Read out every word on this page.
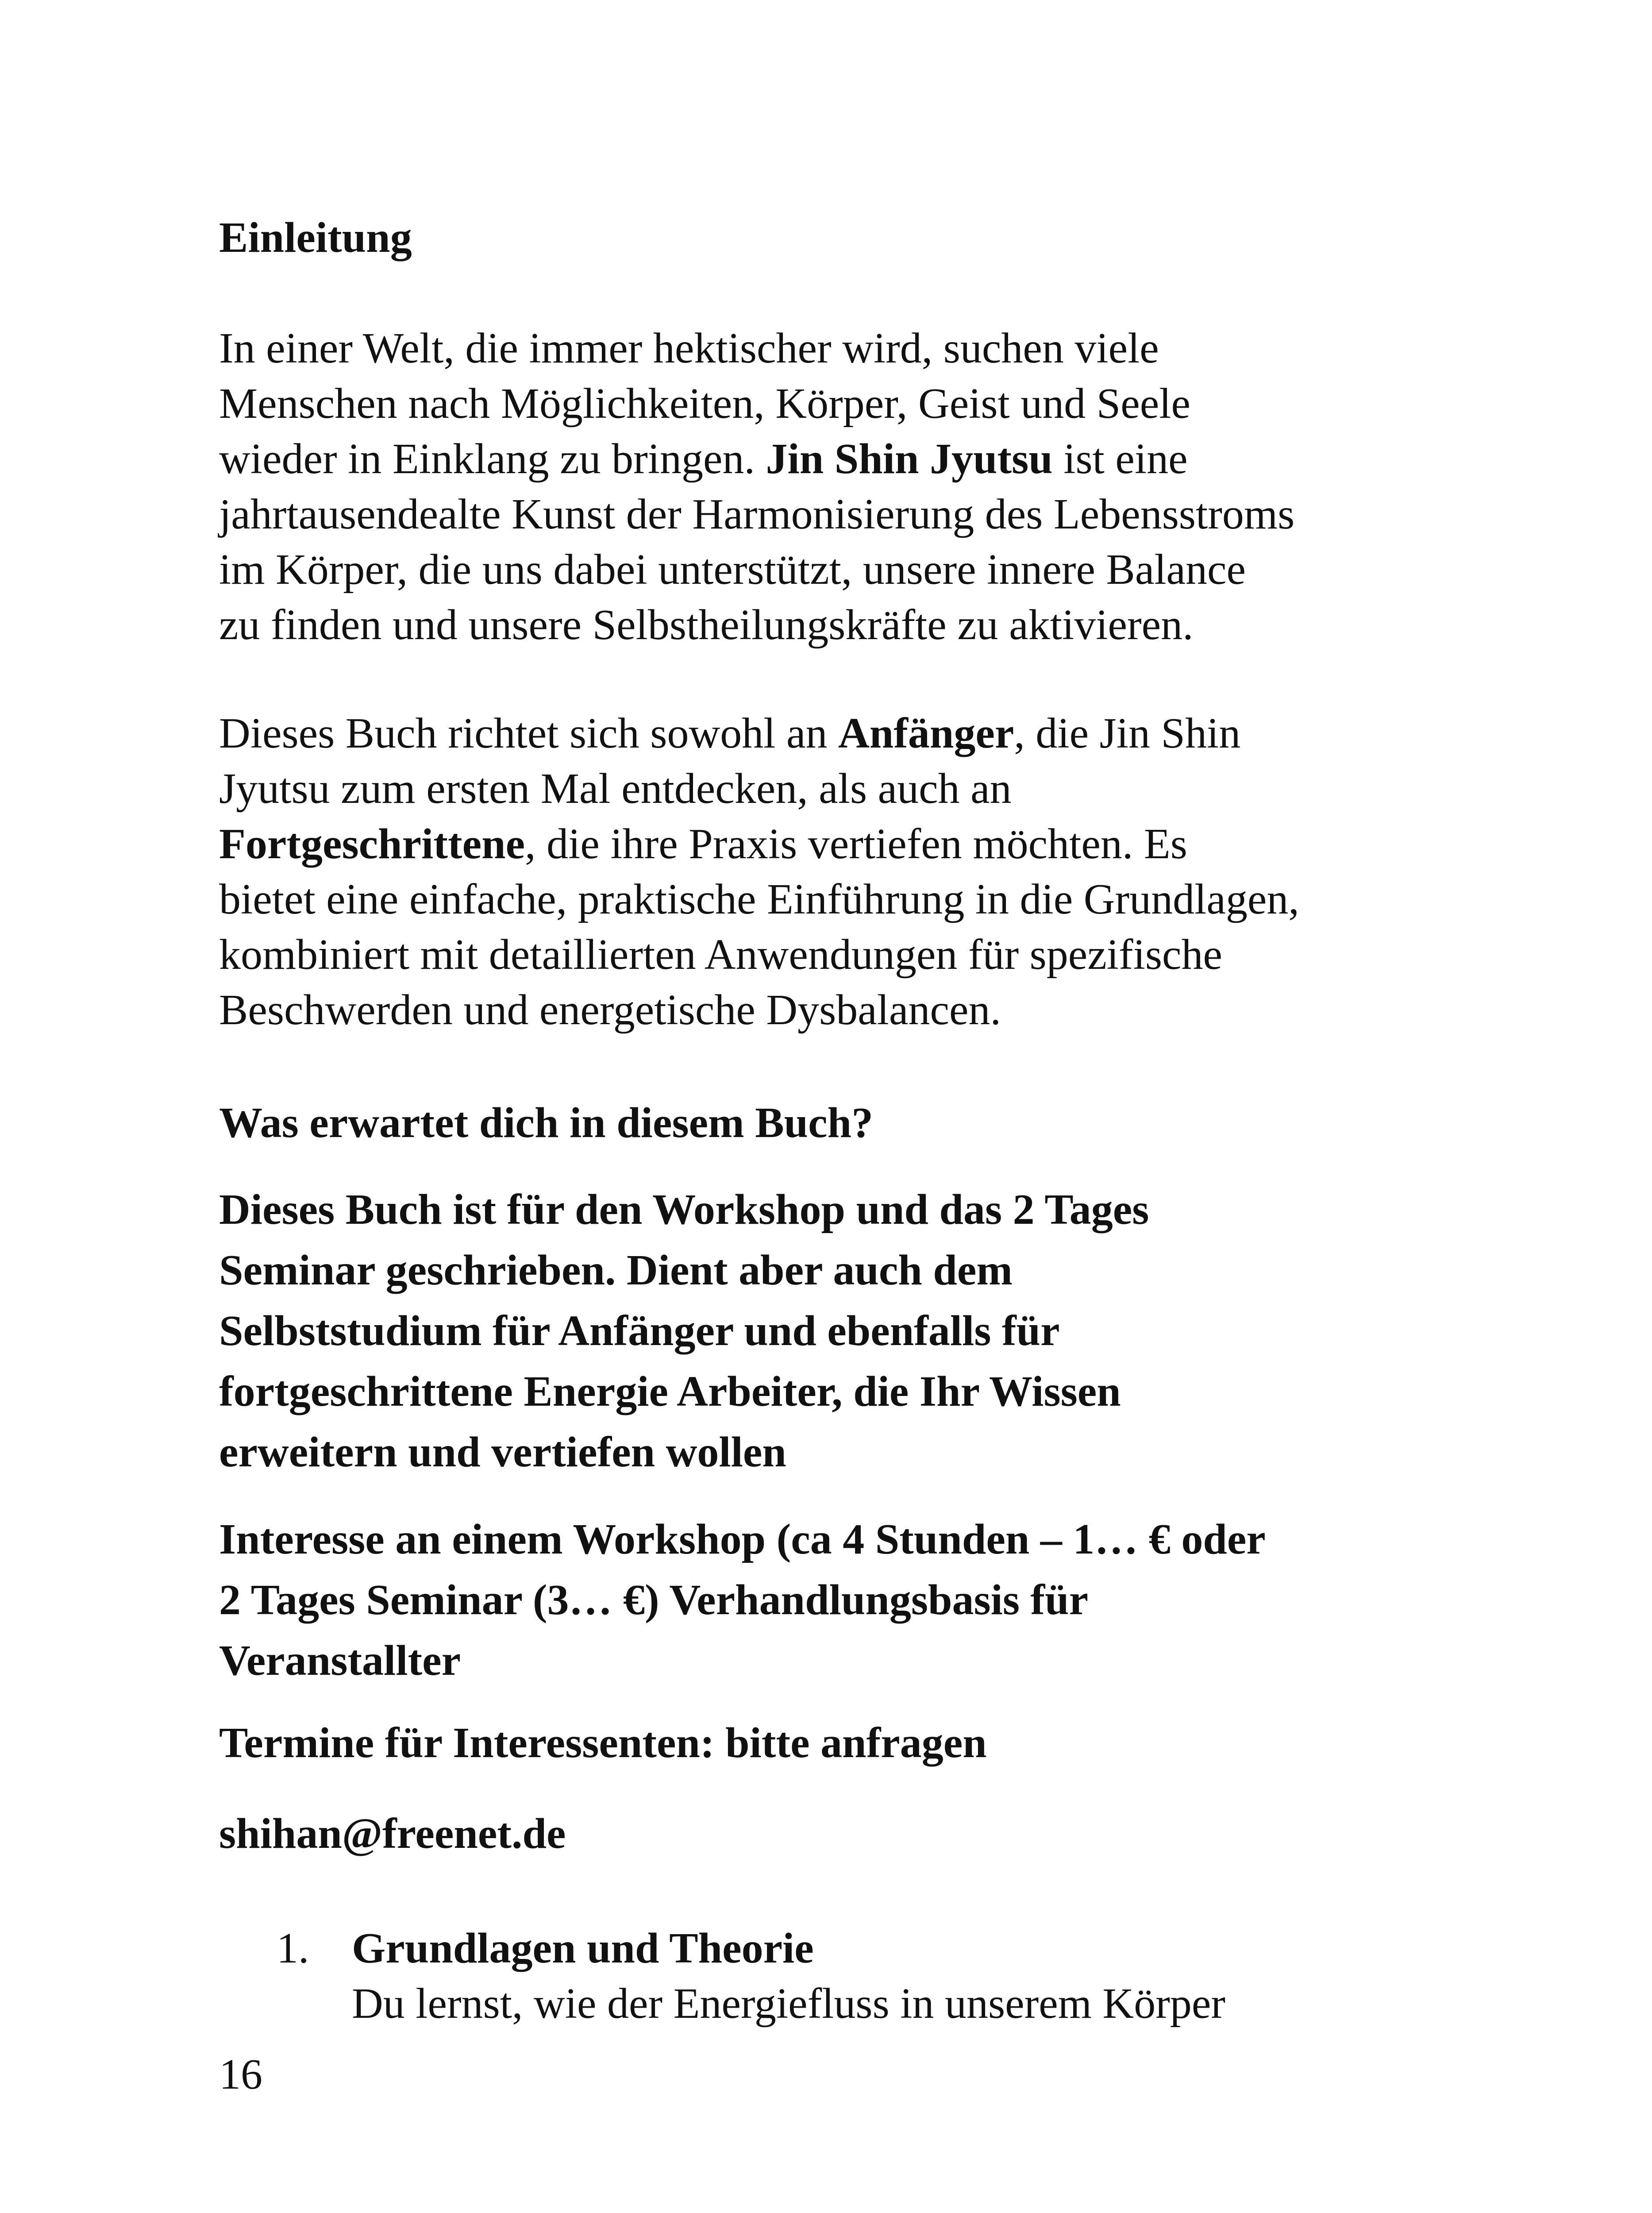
Einleitung
In einer Welt, die immer hektischer wird, suchen viele
Menschen nach Möglichkeiten, Körper, Geist und Seele
wieder in Einklang zu bringen. Jin Shin Jyutsu ist eine
jahrtausendealte Kunst der Harmonisierung des Lebensstroms
im Körper, die uns dabei unterstützt, unsere innere Balance
zu finden und unsere Selbstheilungskräfte zu aktivieren.
Dieses Buch richtet sich sowohl an Anfänger, die Jin Shin
Jyutsu zum ersten Mal entdecken, als auch an
Fortgeschrittene, die ihre Praxis vertiefen möchten. Es
bietet eine einfache, praktische Einführung in die Grundlagen,
kombiniert mit detaillierten Anwendungen für spezifische
Beschwerden und energetische Dysbalancen.
Was erwartet dich in diesem Buch?
Dieses Buch ist für den Workshop und das 2 Tages
Seminar geschrieben. Dient aber auch dem
Selbststudium für Anfänger und ebenfalls für
fortgeschrittene Energie Arbeiter, die Ihr Wissen
erweitern und vertiefen wollen
Interesse an einem Workshop (ca 4 Stunden – 1… € oder
2 Tages Seminar (3… €) Verhandlungsbasis für
Veranstallter
Termine für Interessenten: bitte anfragen
shihan@freenet.de
1. Grundlagen und Theorie
Du lernst, wie der Energiefluss in unserem Körper
16
